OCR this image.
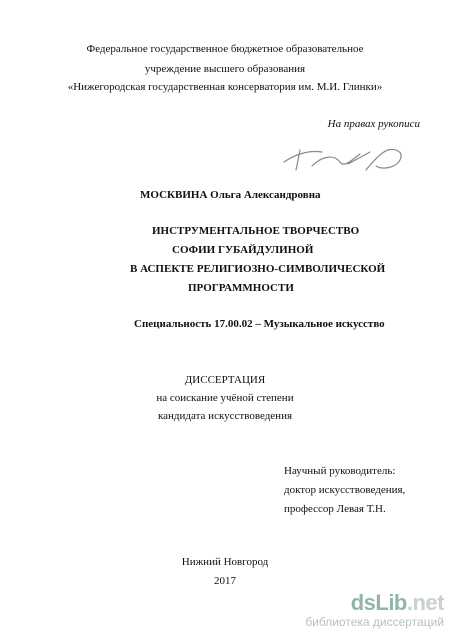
Федеральное государственное бюджетное образовательное
учреждение высшего образования
«Нижегородская государственная консерватория им. М.И. Глинки»
На правах рукописи
МОСКВИНА Ольга Александровна
ИНСТРУМЕНТАЛЬНОЕ ТВОРЧЕСТВО
СОФИИ ГУБАЙДУЛИНОЙ
В АСПЕКТЕ РЕЛИГИОЗНО-СИМВОЛИЧЕСКОЙ
ПРОГРАММНОСТИ
Специальность 17.00.02 – Музыкальное искусство
ДИССЕРТАЦИЯ
на соискание учёной степени
кандидата искусствоведения
Научный руководитель:
доктор искусствоведения,
профессор Левая Т.Н.
Нижний Новгород
2017
dsLib.net
библиотека диссертаций
